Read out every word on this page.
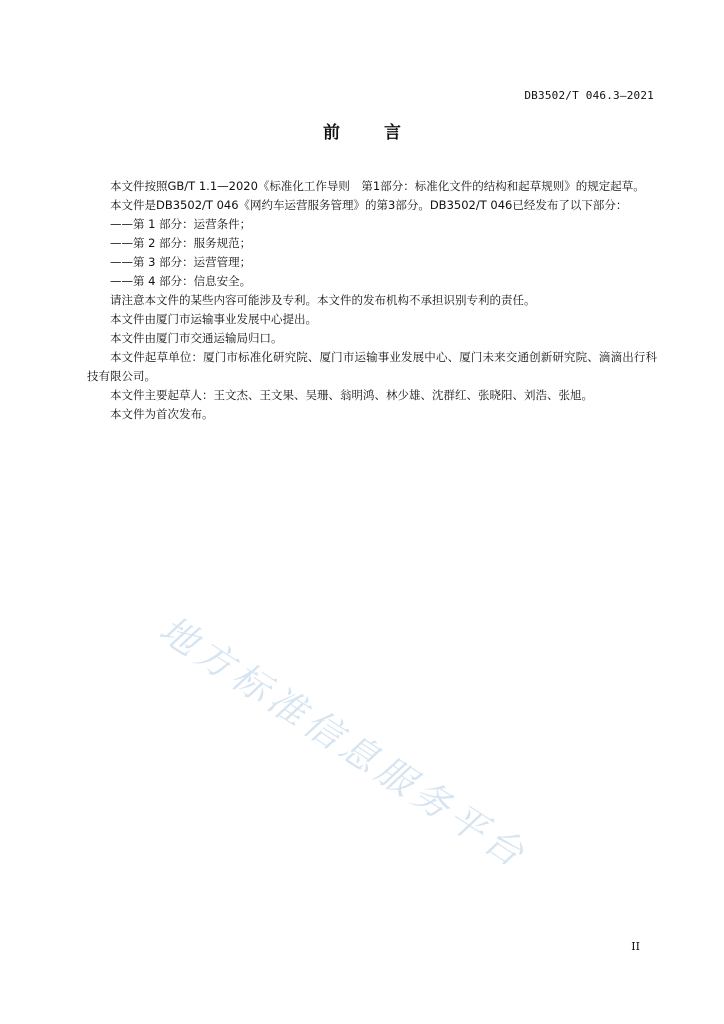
DB3502/T 046.3—2021
前	言

本文件按照GB/T 1.1—2020《标准化工作导则　第1部分：标准化文件的结构和起草规则》的规定起草。

本文件是DB3502/T 046《网约车运营服务管理》的第3部分。DB3502/T 046已经发布了以下部分：

——第 1 部分：运营条件；

——第 2 部分：服务规范；

——第 3 部分：运营管理；

——第 4 部分：信息安全。

请注意本文件的某些内容可能涉及专利。本文件的发布机构不承担识别专利的责任。

本文件由厦门市运输事业发展中心提出。

本文件由厦门市交通运输局归口。

本文件起草单位：厦门市标准化研究院、厦门市运输事业发展中心、厦门未来交通创新研究院、滴滴出行科技有限公司。

本文件主要起草人：王文杰、王文果、吴珊、翁明鸿、林少雄、沈群红、张晓阳、刘浩、张旭。

本文件为首次发布。

地方标准信息服务平台
II
